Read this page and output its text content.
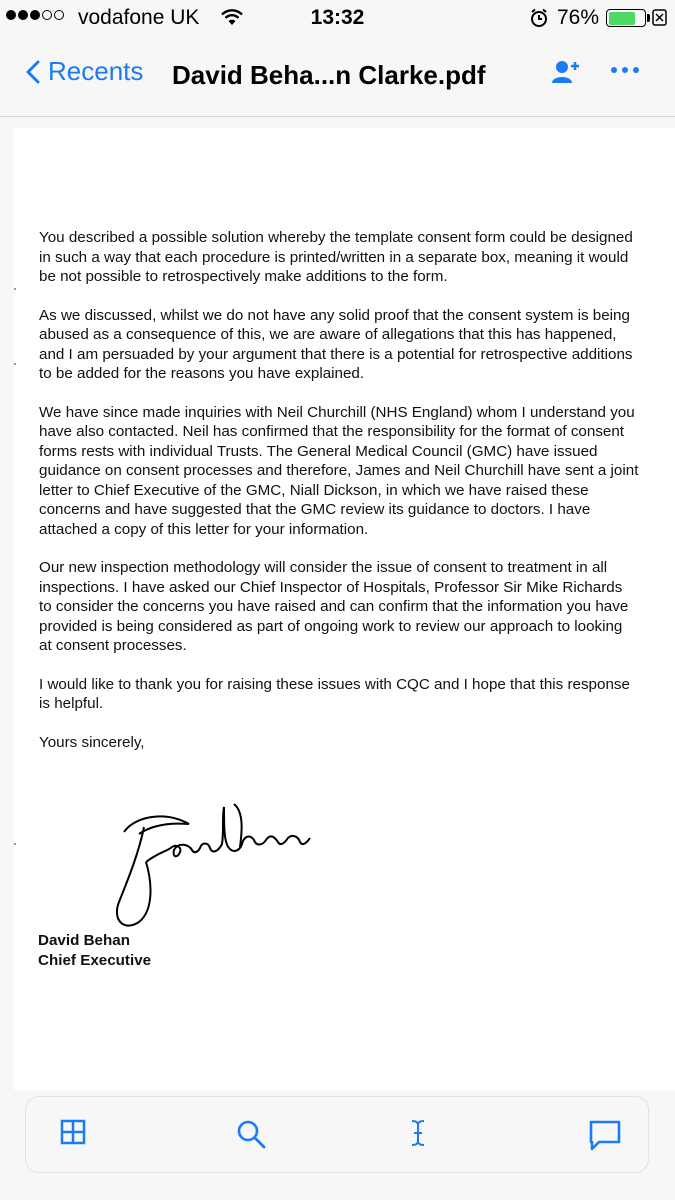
vodafone UK	13:32	76%
Recents David Beha...n Clarke.pdf

You described a possible solution whereby the template consent form could be designed in such a way that each procedure is printed/written in a separate box, meaning it would be not possible to retrospectively make additions to the form.

As we discussed, whilst we do not have any solid proof that the consent system is being abused as a consequence of this, we are aware of allegations that this has happened, and I am persuaded by your argument that there is a potential for retrospective additions to be added for the reasons you have explained.

We have since made inquiries with Neil Churchill (NHS England) whom I understand you have also contacted. Neil has confirmed that the responsibility for the format of consent forms rests with individual Trusts. The General Medical Council (GMC) have issued guidance on consent processes and therefore, James and Neil Churchill have sent a joint letter to Chief Executive of the GMC, Niall Dickson, in which we have raised these concerns and have suggested that the GMC review its guidance to doctors. I have attached a copy of this letter for your information.

Our new inspection methodology will consider the issue of consent to treatment in all inspections. I have asked our Chief Inspector of Hospitals, Professor Sir Mike Richards to consider the concerns you have raised and can confirm that the information you have provided is being considered as part of ongoing work to review our approach to looking at consent processes.

I would like to thank you for raising these issues with CQC and I hope that this response is helpful.

Yours sincerely,

David Behan
Chief Executive
